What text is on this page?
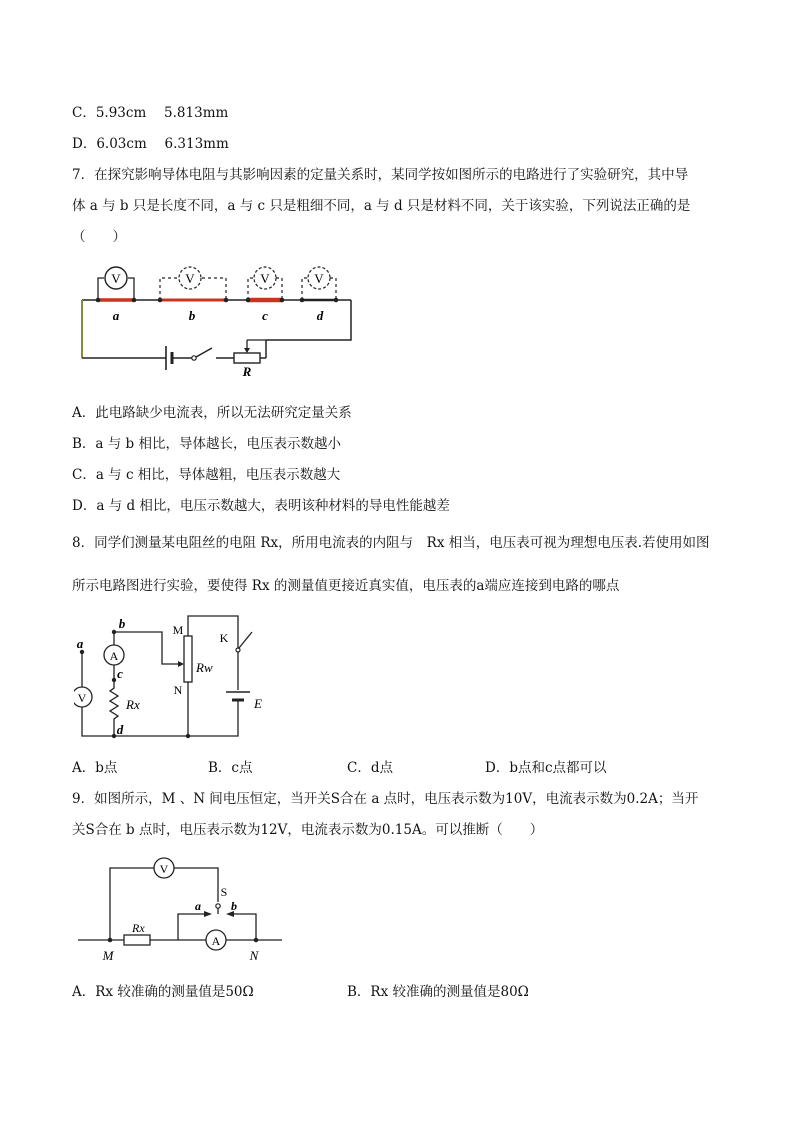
C．5.93cm　 5.813mm
D．6.03cm　 6.313mm
7．在探究影响导体电阻与其影响因素的定量关系时，某同学按如图所示的电路进行了实验研究，其中导
体 a 与 b 只是长度不同，a 与 c 只是粗细不同，a 与 d 只是材料不同，关于该实验，下列说法正确的是
（　　）
V	V	V	V
a	b	c	d
R
A．此电路缺少电流表，所以无法研究定量关系
B．a 与 b 相比，导体越长，电压表示数越小
C．a 与 c 相比，导体越粗，电压表示数越大
D．a 与 d 相比，电压示数越大，表明该种材料的导电性能越差
8．同学们测量某电阻丝的电阻 Rx，所用电流表的内阻与　Rx 相当，电压表可视为理想电压表.若使用如图
所示电路图进行实验，要使得 Rx 的测量值更接近真实值，电压表的a端应连接到电路的哪点
V
a
b
c
d
A
Rx
M
N
Rw
K
E
A．b点	B．c点	C．d点	D．b点和c点都可以
9．如图所示，M 、N 间电压恒定，当开关S合在 a 点时，电压表示数为10V，电流表示数为0.2A；当开
关S合在 b 点时，电压表示数为12V，电流表示数为0.15A。可以推断（　　）
V
S
a	b
Rx
A
M	N
A．Rx 较准确的测量值是50Ω	B．Rx 较准确的测量值是80Ω
